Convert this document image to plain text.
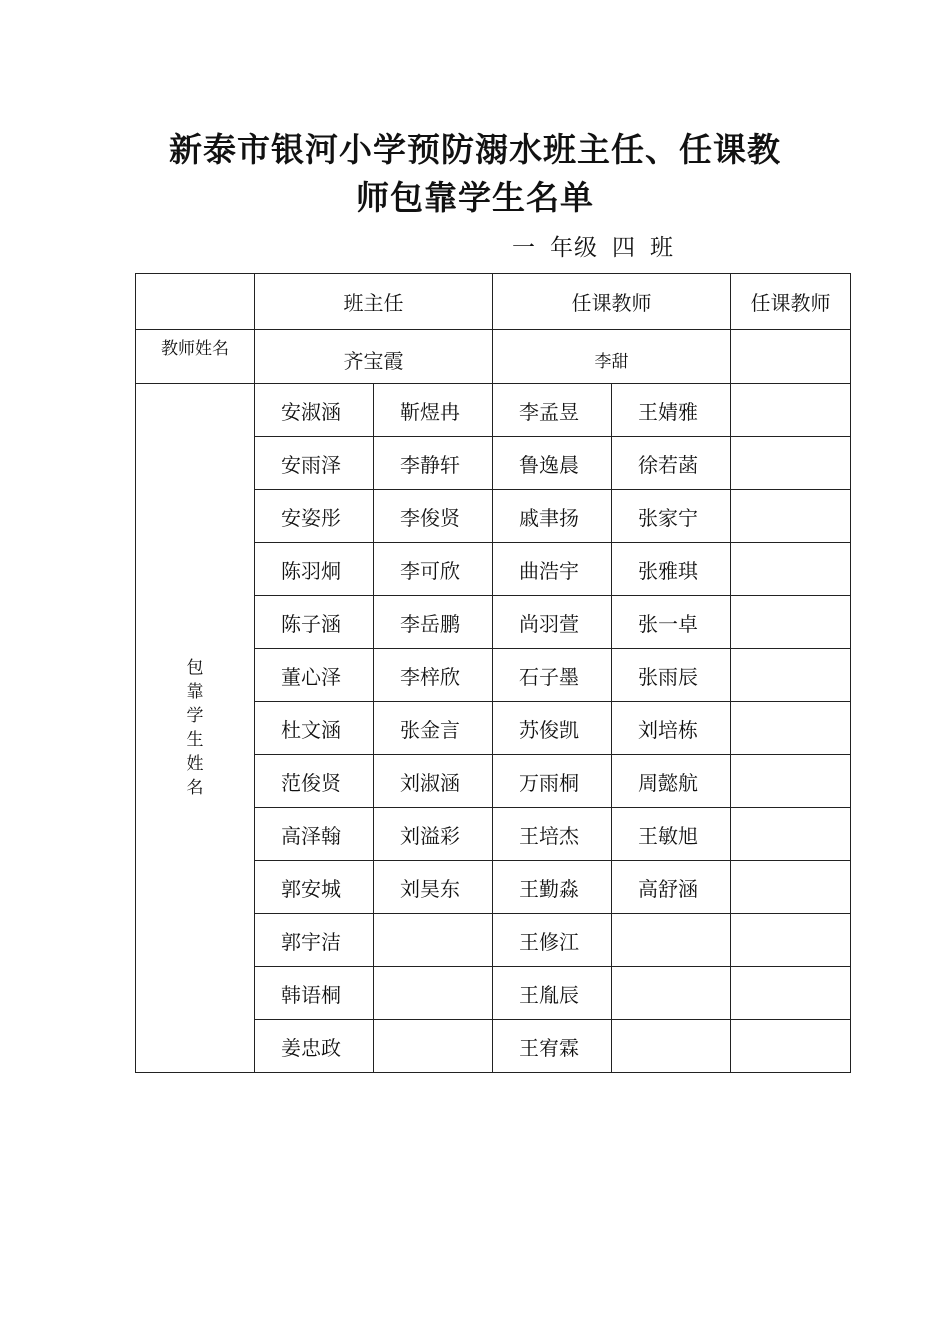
新泰市银河小学预防溺水班主任、任课教
师包靠学生名单
一 年级 四 班
	班主任		任课教师		任课教师
教师姓名	齐宝霞		李甜		
包靠学生姓名	安淑涵	靳煜冉	李孟昱	王婧雅	
	安雨泽	李静轩	鲁逸晨	徐若菡	
	安姿彤	李俊贤	戚聿扬	张家宁	
	陈羽炯	李可欣	曲浩宇	张雅琪	
	陈子涵	李岳鹏	尚羽萱	张一卓	
	董心泽	李梓欣	石子墨	张雨辰	
	杜文涵	张金言	苏俊凯	刘培栋	
	范俊贤	刘淑涵	万雨桐	周懿航	
	高泽翰	刘溢彩	王培杰	王敏旭	
	郭安城	刘昊东	王勤淼	高舒涵	
	郭宇洁		王修江		
	韩语桐		王胤辰		
	姜忠政		王宥霖		
